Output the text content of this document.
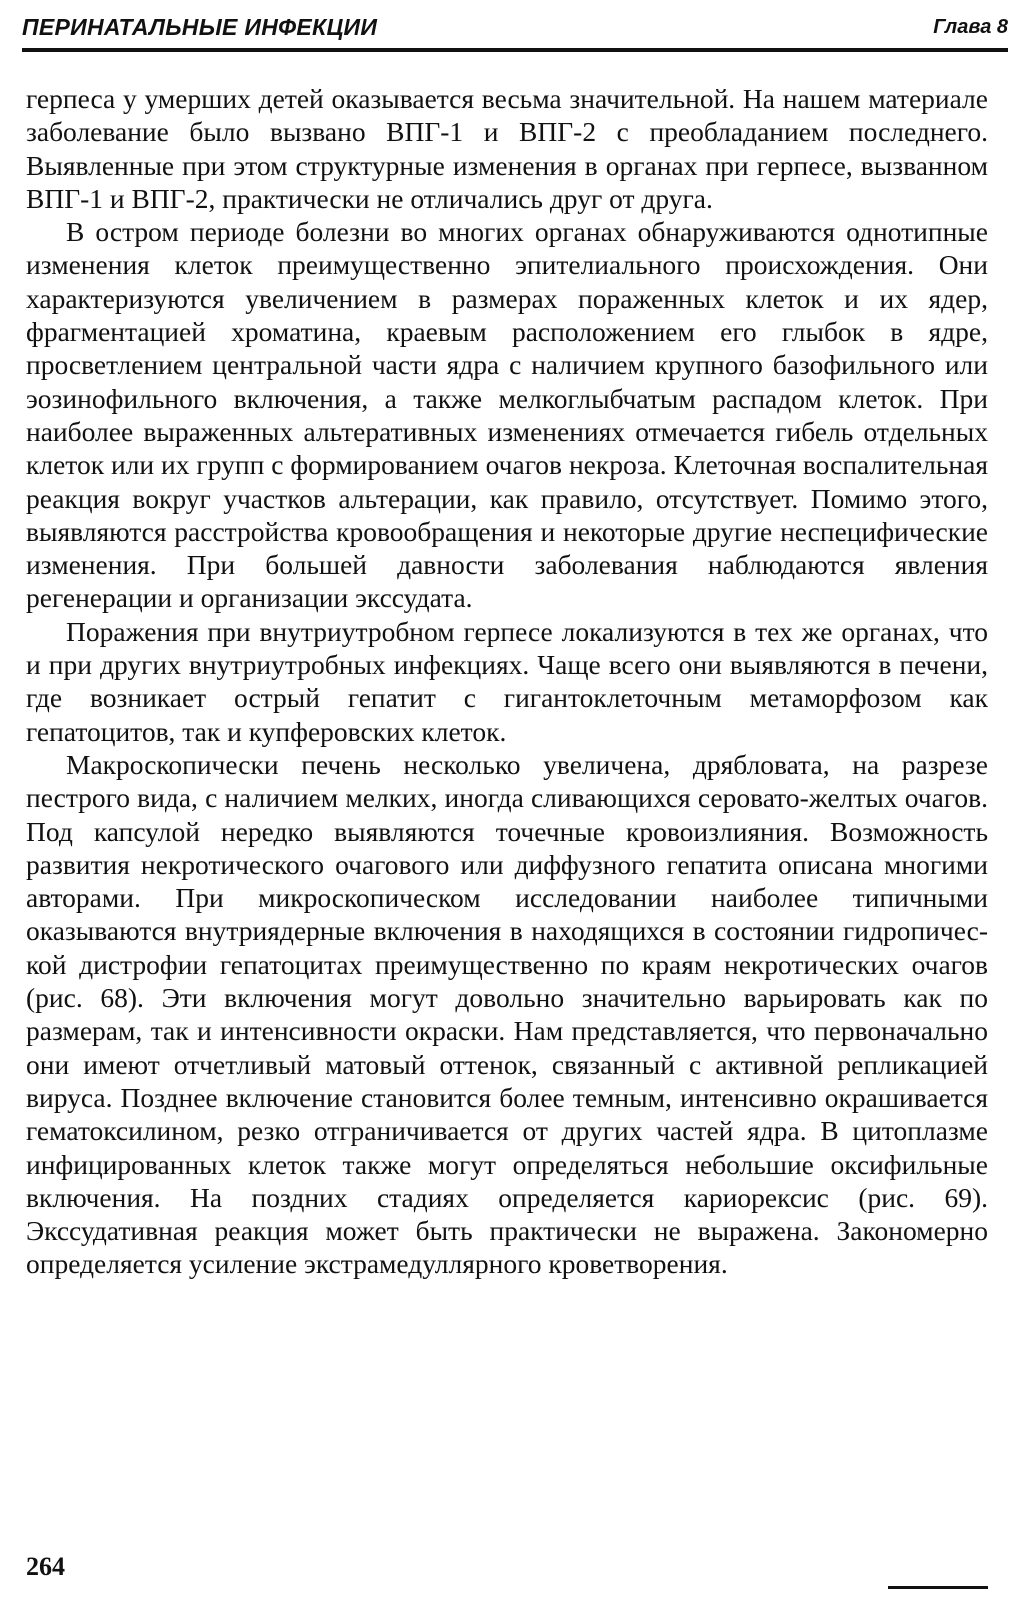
ПЕРИНАТАЛЬНЫЕ ИНФЕКЦИИ	Глава 8

герпеса у умерших детей оказывается весьма значительной. На нашем материале заболевание было вызвано ВПГ-1 и ВПГ-2 с преобладанием последнего. Выявленные при этом структурные изменения в органах при герпесе, вызванном ВПГ-1 и ВПГ-2, практически не отличались друг от друга.

В остром периоде болезни во многих органах обнаруживаются однотипные изменения клеток преимущественно эпителиального происхождения. Они характеризуются увеличением в размерах пораженных клеток и их ядер, фрагментацией хроматина, краевым расположением его глыбок в ядре, просветлением центральной части ядра с наличием крупного базофильного или эозинофильного включения, а также мелкоглыбчатым распадом клеток. При наиболее выраженных альтеративных изменениях отмечается гибель отдельных клеток или их групп с формированием очагов некроза. Клеточная воспалительная реакция вокруг участков альтерации, как правило, отсутствует. Помимо этого, выявляются расстройства кровообращения и некоторые другие неспецифические изменения. При большей давности заболевания наблюдаются явления регенерации и организации экссудата.

Поражения при внутриутробном герпесе локализуются в тех же органах, что и при других внутриутробных инфекциях. Чаще всего они выявляются в печени, где возникает острый гепатит с гигантоклеточным метаморфозом как гепатоцитов, так и купферовских клеток.

Макроскопически печень несколько увеличена, дрябловата, на разрезе пестрого вида, с наличием мелких, иногда сливающихся серовато-желтых очагов. Под капсулой нередко выявляются точечные кровоизлияния. Возможность развития некротического очагового или диффузного гепатита описана многими авторами. При микроскопическом исследовании наиболее типичными оказываются внутриядерные включения в находящихся в состоянии гидропической дистрофии гепатоцитах преимущественно по краям некротических очагов (рис. 68). Эти включения могут довольно значительно варьировать как по размерам, так и интенсивности окраски. Нам представляется, что первоначально они имеют отчетливый матовый оттенок, связанный с активной репликацией вируса. Позднее включение становится более темным, интенсивно окрашивается гематоксилином, резко отграничивается от других частей ядра. В цитоплазме инфицированных клеток также могут определяться небольшие оксифильные включения. На поздних стадиях определяется кариорексис (рис. 69). Экссудативная реакция может быть практически не выражена. Закономерно определяется усиление экстрамедуллярного кроветворения.

264
